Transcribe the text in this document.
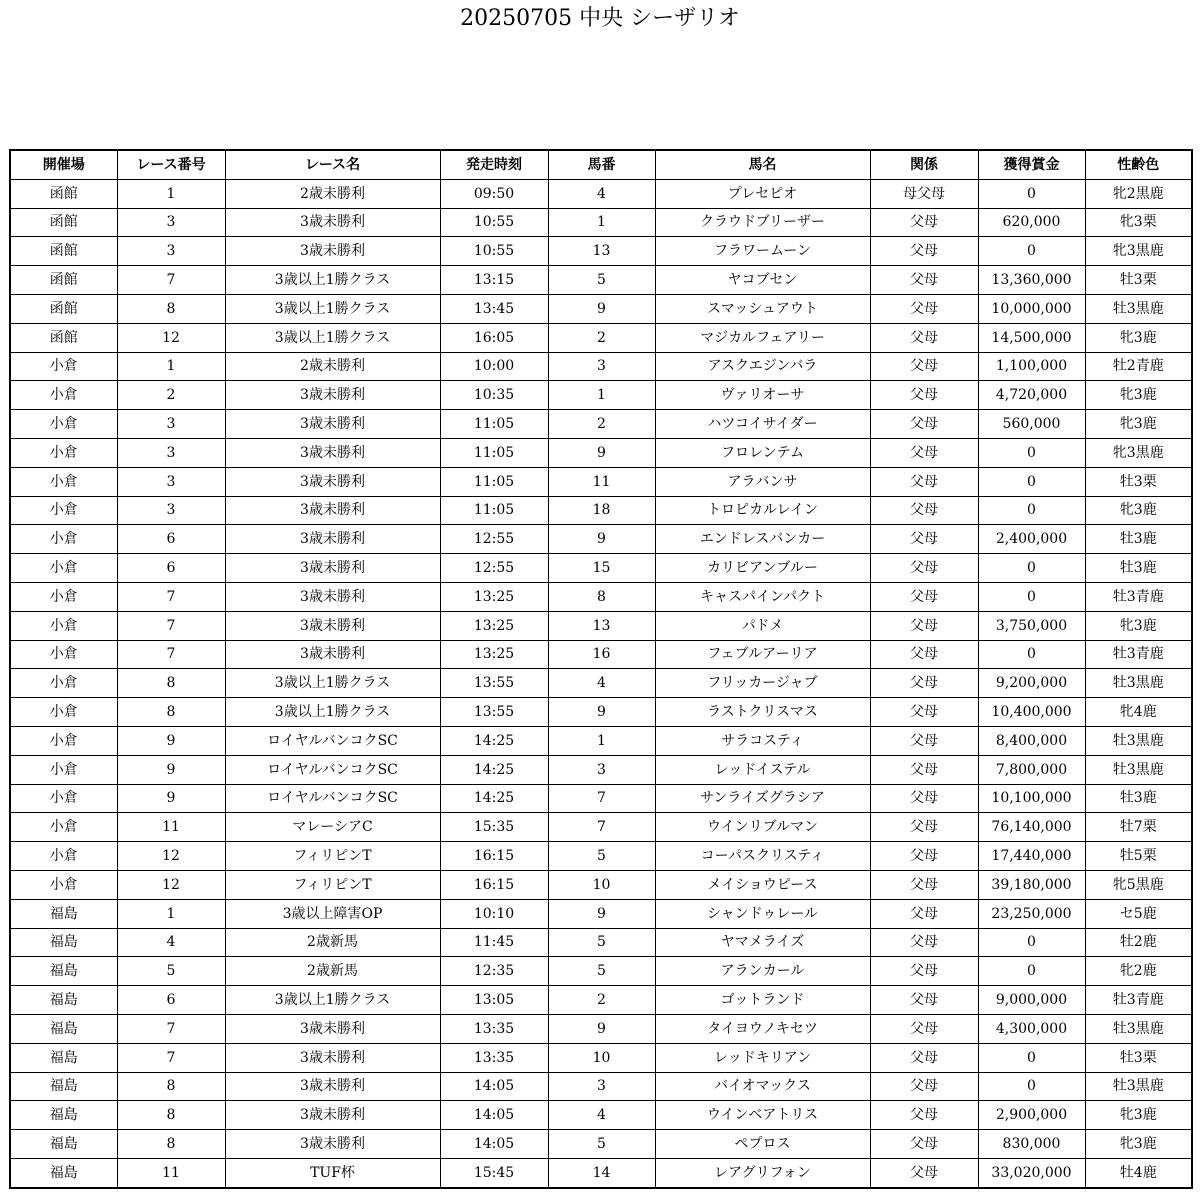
20250705 中央 シーザリオ
開催場	レース番号	レース名	発走時刻	馬番	馬名	関係	獲得賞金	性齢色
函館	1	2歳未勝利	09:50	4	プレセピオ	母父母	0	牝2黒鹿
函館	3	3歳未勝利	10:55	1	クラウドブリーザー	父母	620,000	牝3栗
函館	3	3歳未勝利	10:55	13	フラワームーン	父母	0	牝3黒鹿
函館	7	3歳以上1勝クラス	13:15	5	ヤコブセン	父母	13,360,000	牡3栗
函館	8	3歳以上1勝クラス	13:45	9	スマッシュアウト	父母	10,000,000	牡3黒鹿
函館	12	3歳以上1勝クラス	16:05	2	マジカルフェアリー	父母	14,500,000	牝3鹿
小倉	1	2歳未勝利	10:00	3	アスクエジンバラ	父母	1,100,000	牡2青鹿
小倉	2	3歳未勝利	10:35	1	ヴァリオーサ	父母	4,720,000	牝3鹿
小倉	3	3歳未勝利	11:05	2	ハツコイサイダー	父母	560,000	牝3鹿
小倉	3	3歳未勝利	11:05	9	フロレンテム	父母	0	牝3黒鹿
小倉	3	3歳未勝利	11:05	11	アラバンサ	父母	0	牡3栗
小倉	3	3歳未勝利	11:05	18	トロピカルレイン	父母	0	牝3鹿
小倉	6	3歳未勝利	12:55	9	エンドレスバンカー	父母	2,400,000	牡3鹿
小倉	6	3歳未勝利	12:55	15	カリビアンブルー	父母	0	牡3鹿
小倉	7	3歳未勝利	13:25	8	キャスパインパクト	父母	0	牡3青鹿
小倉	7	3歳未勝利	13:25	13	パドメ	父母	3,750,000	牝3鹿
小倉	7	3歳未勝利	13:25	16	フェブルアーリア	父母	0	牡3青鹿
小倉	8	3歳以上1勝クラス	13:55	4	フリッカージャブ	父母	9,200,000	牡3黒鹿
小倉	8	3歳以上1勝クラス	13:55	9	ラストクリスマス	父母	10,400,000	牝4鹿
小倉	9	ロイヤルバンコクSC	14:25	1	サラコスティ	父母	8,400,000	牡3黒鹿
小倉	9	ロイヤルバンコクSC	14:25	3	レッドイステル	父母	7,800,000	牡3黒鹿
小倉	9	ロイヤルバンコクSC	14:25	7	サンライズグラシア	父母	10,100,000	牡3鹿
小倉	11	マレーシアC	15:35	7	ウインリブルマン	父母	76,140,000	牡7栗
小倉	12	フィリピンT	16:15	5	コーパスクリスティ	父母	17,440,000	牡5栗
小倉	12	フィリピンT	16:15	10	メイショウピース	父母	39,180,000	牝5黒鹿
福島	1	3歳以上障害OP	10:10	9	シャンドゥレール	父母	23,250,000	セ5鹿
福島	4	2歳新馬	11:45	5	ヤマメライズ	父母	0	牡2鹿
福島	5	2歳新馬	12:35	5	アランカール	父母	0	牝2鹿
福島	6	3歳以上1勝クラス	13:05	2	ゴットランド	父母	9,000,000	牡3青鹿
福島	7	3歳未勝利	13:35	9	タイヨウノキセツ	父母	4,300,000	牡3黒鹿
福島	7	3歳未勝利	13:35	10	レッドキリアン	父母	0	牡3栗
福島	8	3歳未勝利	14:05	3	バイオマックス	父母	0	牡3黒鹿
福島	8	3歳未勝利	14:05	4	ウインベアトリス	父母	2,900,000	牝3鹿
福島	8	3歳未勝利	14:05	5	ペプロス	父母	830,000	牝3鹿
福島	11	TUF杯	15:45	14	レアグリフォン	父母	33,020,000	牡4鹿
